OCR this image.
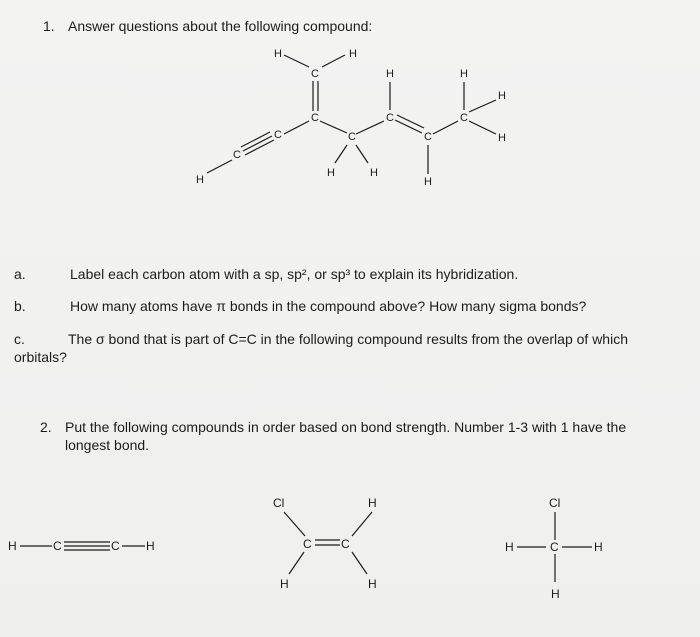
1. Answer questions about the following compound:
H	H
C
C
C
C
H
C
H	H
C
H
C
H
C
H
H
H
a.	Label each carbon atom with a sp, sp², or sp³ to explain its hybridization.
b.	How many atoms have π bonds in the compound above? How many sigma bonds?
c.	The σ bond that is part of C=C in the following compound results from the overlap of which
orbitals?
2. Put the following compounds in order based on bond strength. Number 1-3 with 1 have the
longest bond.
H	C	C H
Cl	H
C C
H	H
Cl
H	C	H
H
